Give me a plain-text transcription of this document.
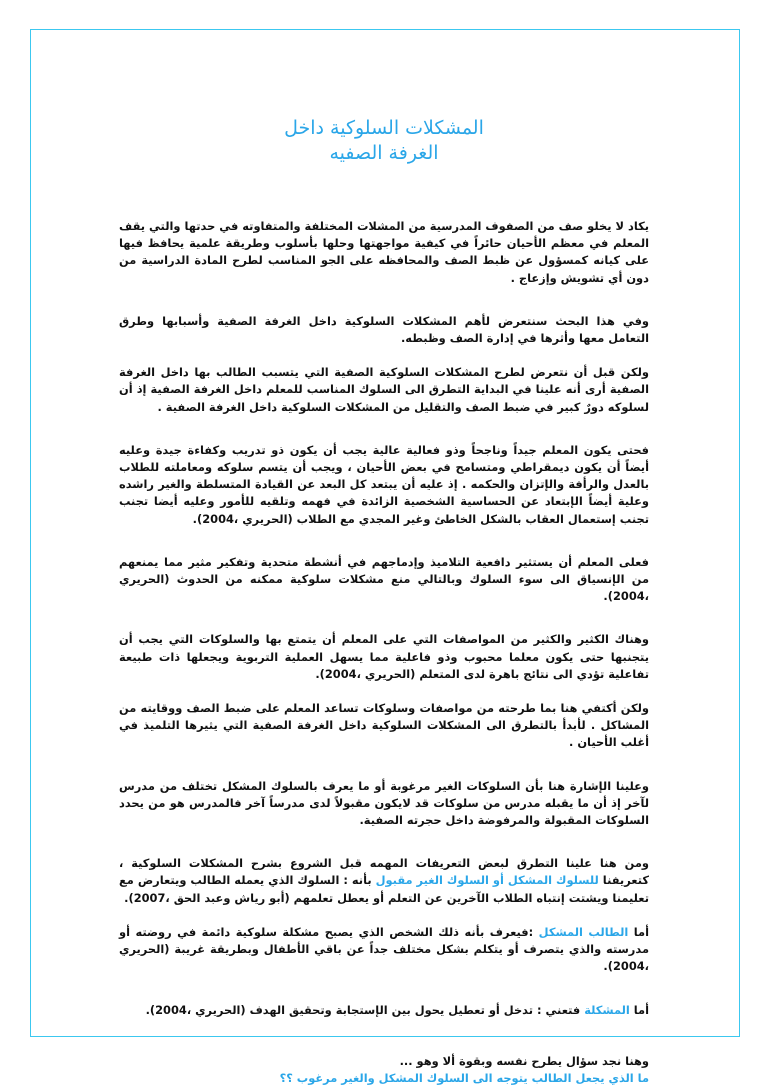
المشكلات السلوكية داخل
الغرفة الصفيه

يكاد لا يخلو صف من الصفوف المدرسية من المشلات المختلفة والمتفاوته في حدتها والتي يقف المعلم في معظم الأحيان حائراً في كيفية مواجهتها وحلها بأسلوب وطريقة علمية يحافظ فيها على كيانه كمسؤول عن ظبط الصف والمحافظه على الجو المناسب لطرح المادة الدراسية من دون أي تشويش وإزعاج .

وفي هذا البحث سنتعرض لأهم المشكلات السلوكية داخل الغرفة الصفية وأسبابها وطرق التعامل معها وأثرها في إدارة الصف وظبطه.

ولكن قبل أن نتعرض لطرح المشكلات السلوكية الصفية التي يتسبب الطالب بها داخل الغرفة الصفية أرى أنه علينا في البداية التطرق الى السلوك المناسب للمعلم داخل الغرفة الصفية إذ أن لسلوكه دورٌ كبير في ضبط الصف والتقليل من المشكلات السلوكية داخل الغرفة الصفية .

فحتى يكون المعلم جيداً وناجحاً وذو فعالية عالية يجب أن يكون ذو تدريب وكفاءة جيدة وعليه أيضاً أن يكون ديمقراطي ومتسامح في بعض الأحيان ، ويجب أن يتسم سلوكه ومعاملته للطلاب بالعدل والرأفة والإتزان والحكمه . إذ عليه أن يبتعد كل البعد عن القيادة المتسلطة والغير راشده وعلية أيضاً الإبتعاد عن الحساسية الشخصية الزائدة في فهمه وتلقيه للأمور وعليه أيضا تجنب تجنب إستعمال العقاب بالشكل الخاطئ وغير المجدي مع الطلاب (الحريري ،2004).

فعلى المعلم أن يستثير دافعية التلاميذ وإدماجهم في أنشطة متحدية وتفكير مثير مما يمنعهم من الإنسياق الى سوء السلوك وبالتالي منع مشكلات سلوكية ممكنه من الحدوث (الحريري ،2004).

وهناك الكثير والكثير من المواصفات التي على المعلم أن يتمتع بها والسلوكات التي يجب أن يتجنبها حتى يكون معلما محبوب وذو فاعلية مما يسهل العملية التربوية ويجعلها ذات طبيعة تفاعلية تؤدي الى نتائج باهرة لدى المتعلم (الحريري ،2004).

ولكن أكتفي هنا بما طرحته من مواصفات وسلوكات تساعد المعلم على ضبط الصف ووقايته من المشاكل . لأبدأ بالتطرق الى المشكلات السلوكية داخل الغرفة الصفية التي يثيرها التلميذ في أغلب الأحيان .

وعلينا الإشارة هنا بأن السلوكات الغير مرغوبة أو ما يعرف بالسلوك المشكل تختلف من مدرس لآخر إذ أن ما يقبله مدرس من سلوكات قد لايكون مقبولاً لدى مدرساً آخر فالمدرس هو من يحدد السلوكات المقبولة والمرفوضة داخل حجرته الصفية.

ومن هنا علينا التطرق لبعض التعريفات المهمه قبل الشروع بشرح المشكلات السلوكية ، كتعريفنا للسلوك المشكل أو السلوك الغير مقبول بأنه : السلوك الذي يعمله الطالب ويتعارض مع تعليمنا ويشتت إنتباه الطلاب الآخرين عن التعلم أو يعطل تعلمهم (أبو رياش وعبد الحق ،2007).

أما الطالب المشكل :فيعرف بأنه ذلك الشخص الذي يصبح مشكلة سلوكية دائمة في روضته أو مدرسته والذي يتصرف أو يتكلم بشكل مختلف جداً عن باقي الأطفال وبطريقة غريبة (الحريري ،2004).

أما المشكلة فتعني : تدخل أو تعطيل يحول بين الإستجابة وتحقيق الهدف (الحريري ،2004).

وهنا نجد سؤال يطرح نفسه وبقوة ألا وهو ...

ما الذي يجعل الطالب يتوجه الى السلوك المشكل والغير مرغوب ؟؟
